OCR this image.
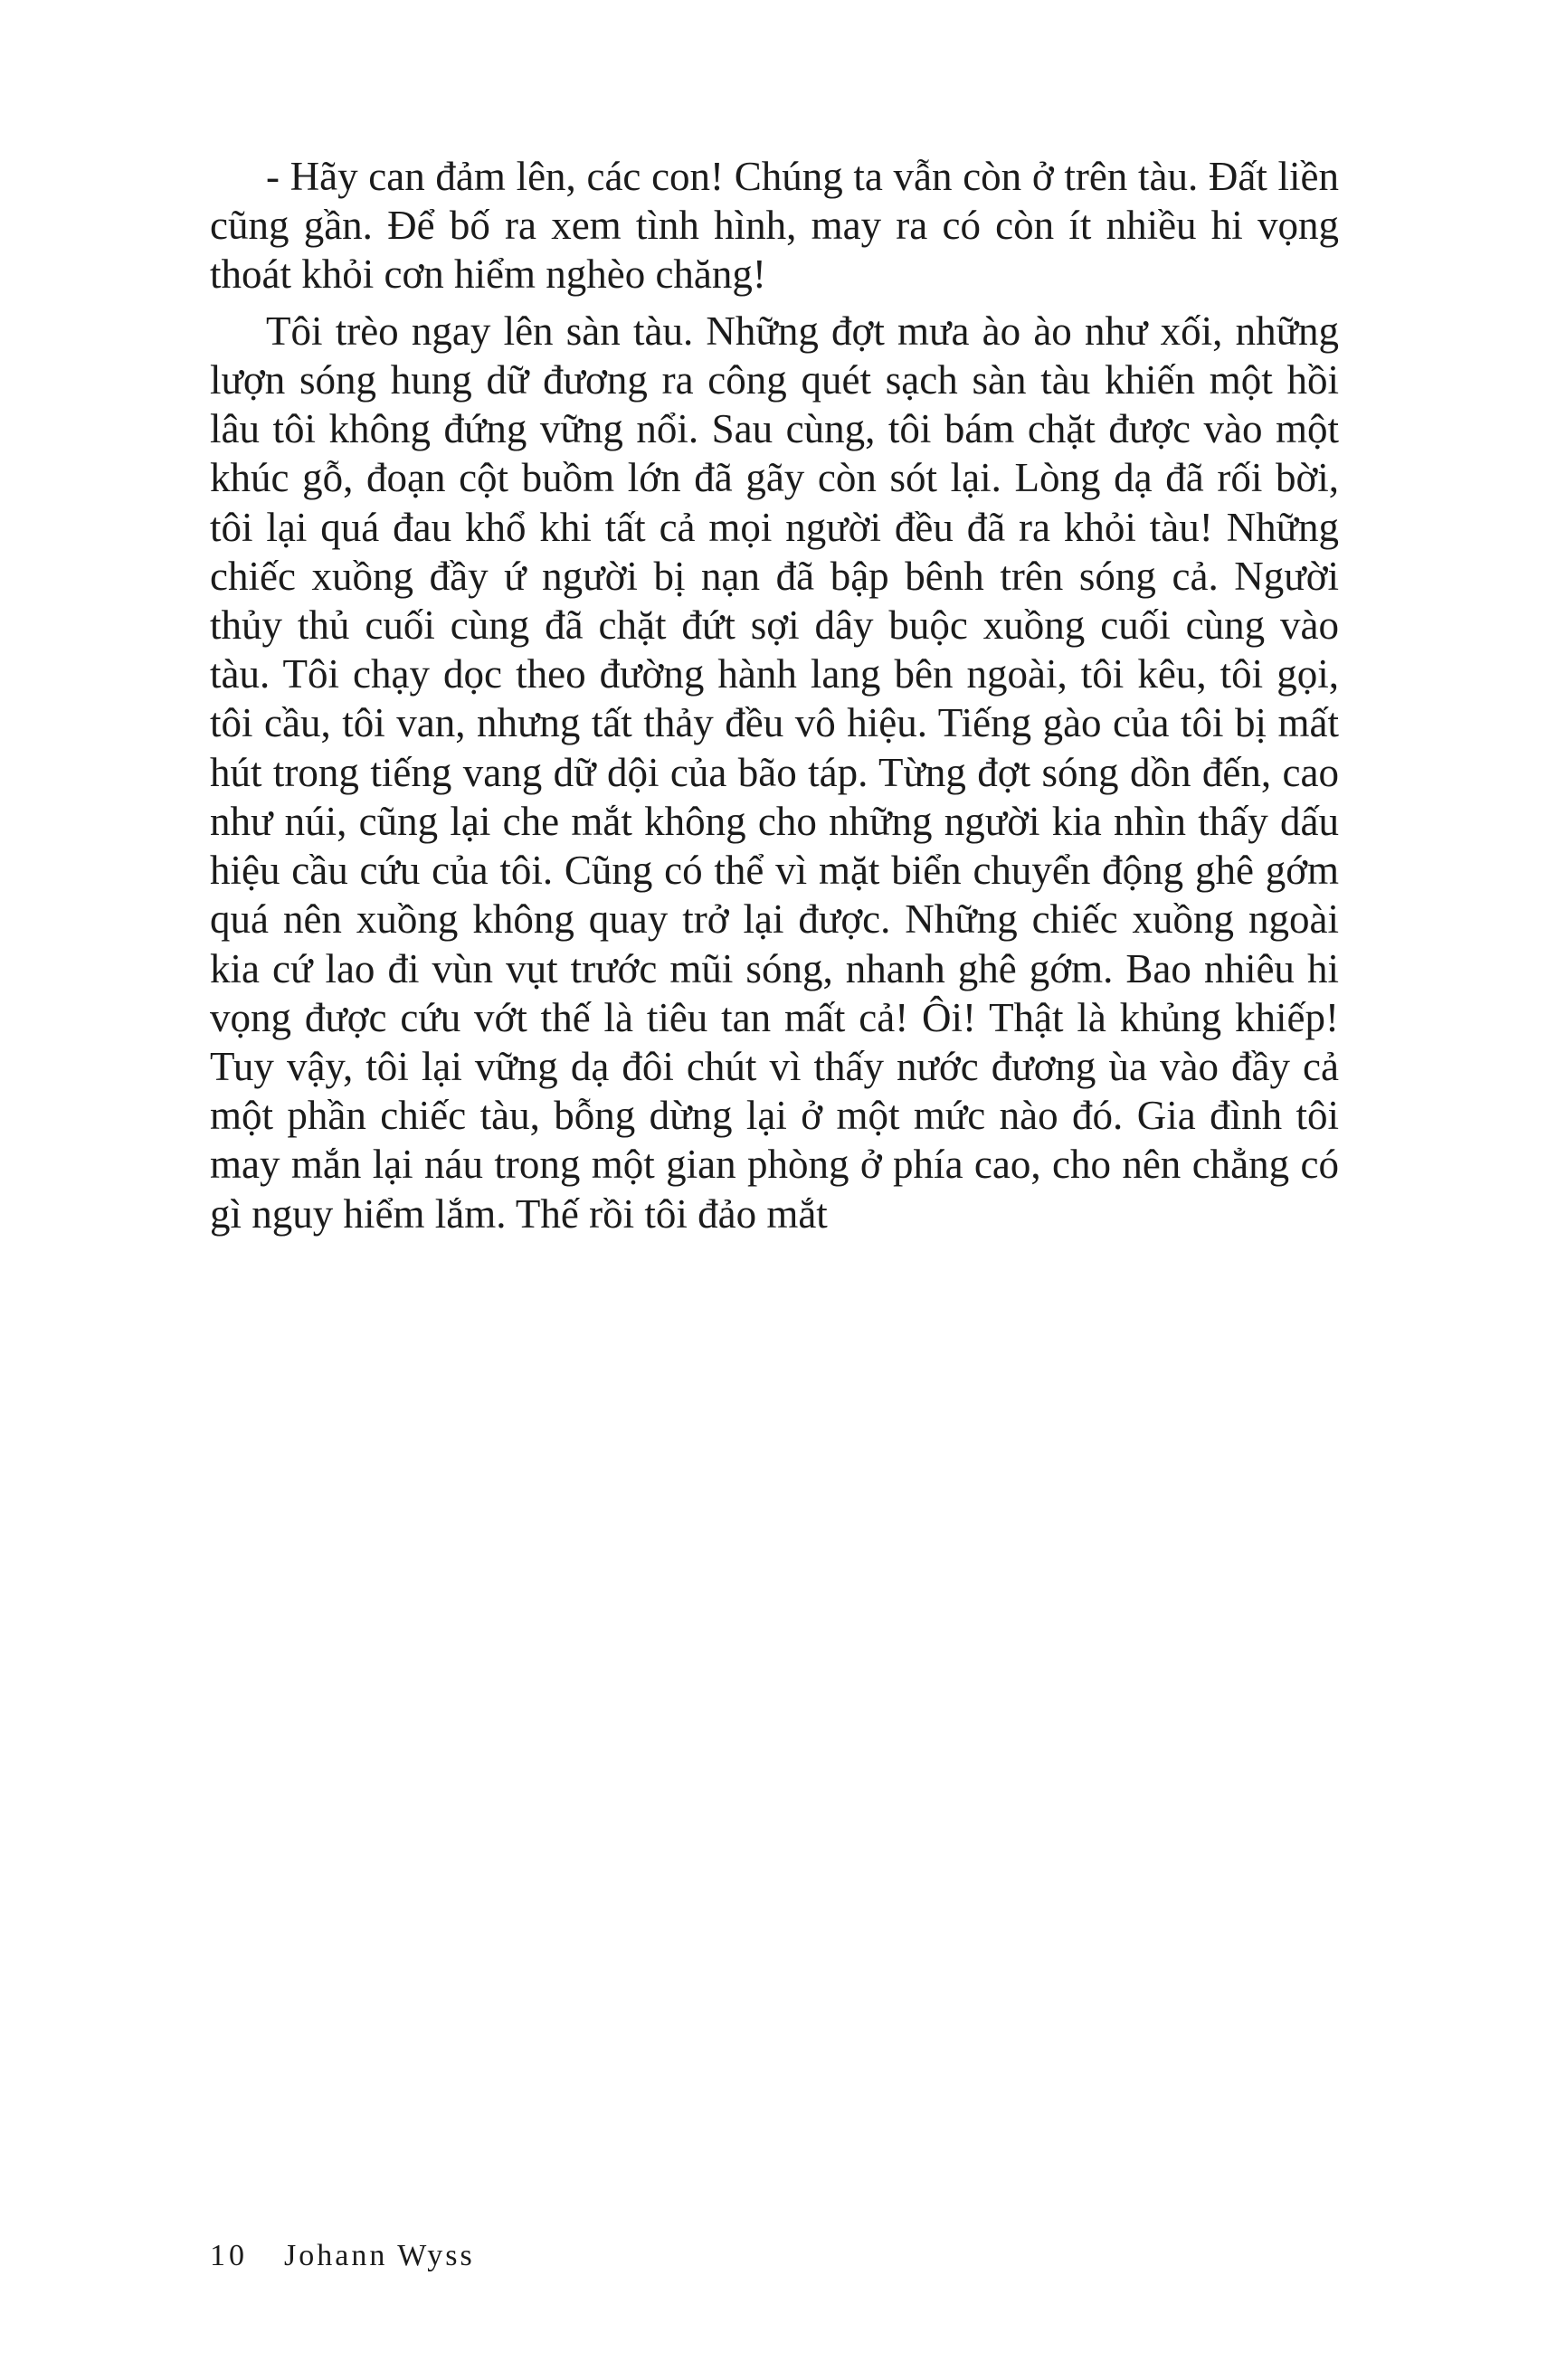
- Hãy can đảm lên, các con! Chúng ta vẫn còn ở trên tàu. Đất liền cũng gần. Để bố ra xem tình hình, may ra có còn ít nhiều hi vọng thoát khỏi cơn hiểm nghèo chăng!

Tôi trèo ngay lên sàn tàu. Những đợt mưa ào ào như xối, những lượn sóng hung dữ đương ra công quét sạch sàn tàu khiến một hồi lâu tôi không đứng vững nổi. Sau cùng, tôi bám chặt được vào một khúc gỗ, đoạn cột buồm lớn đã gãy còn sót lại. Lòng dạ đã rối bời, tôi lại quá đau khổ khi tất cả mọi người đều đã ra khỏi tàu! Những chiếc xuồng đầy ứ người bị nạn đã bập bênh trên sóng cả. Người thủy thủ cuối cùng đã chặt đứt sợi dây buộc xuồng cuối cùng vào tàu. Tôi chạy dọc theo đường hành lang bên ngoài, tôi kêu, tôi gọi, tôi cầu, tôi van, nhưng tất thảy đều vô hiệu. Tiếng gào của tôi bị mất hút trong tiếng vang dữ dội của bão táp. Từng đợt sóng dồn đến, cao như núi, cũng lại che mắt không cho những người kia nhìn thấy dấu hiệu cầu cứu của tôi. Cũng có thể vì mặt biển chuyển động ghê gớm quá nên xuồng không quay trở lại được. Những chiếc xuồng ngoài kia cứ lao đi vùn vụt trước mũi sóng, nhanh ghê gớm. Bao nhiêu hi vọng được cứu vớt thế là tiêu tan mất cả! Ôi! Thật là khủng khiếp! Tuy vậy, tôi lại vững dạ đôi chút vì thấy nước đương ùa vào đầy cả một phần chiếc tàu, bỗng dừng lại ở một mức nào đó. Gia đình tôi may mắn lại náu trong một gian phòng ở phía cao, cho nên chẳng có gì nguy hiểm lắm. Thế rồi tôi đảo mắt

10 Johann Wyss
